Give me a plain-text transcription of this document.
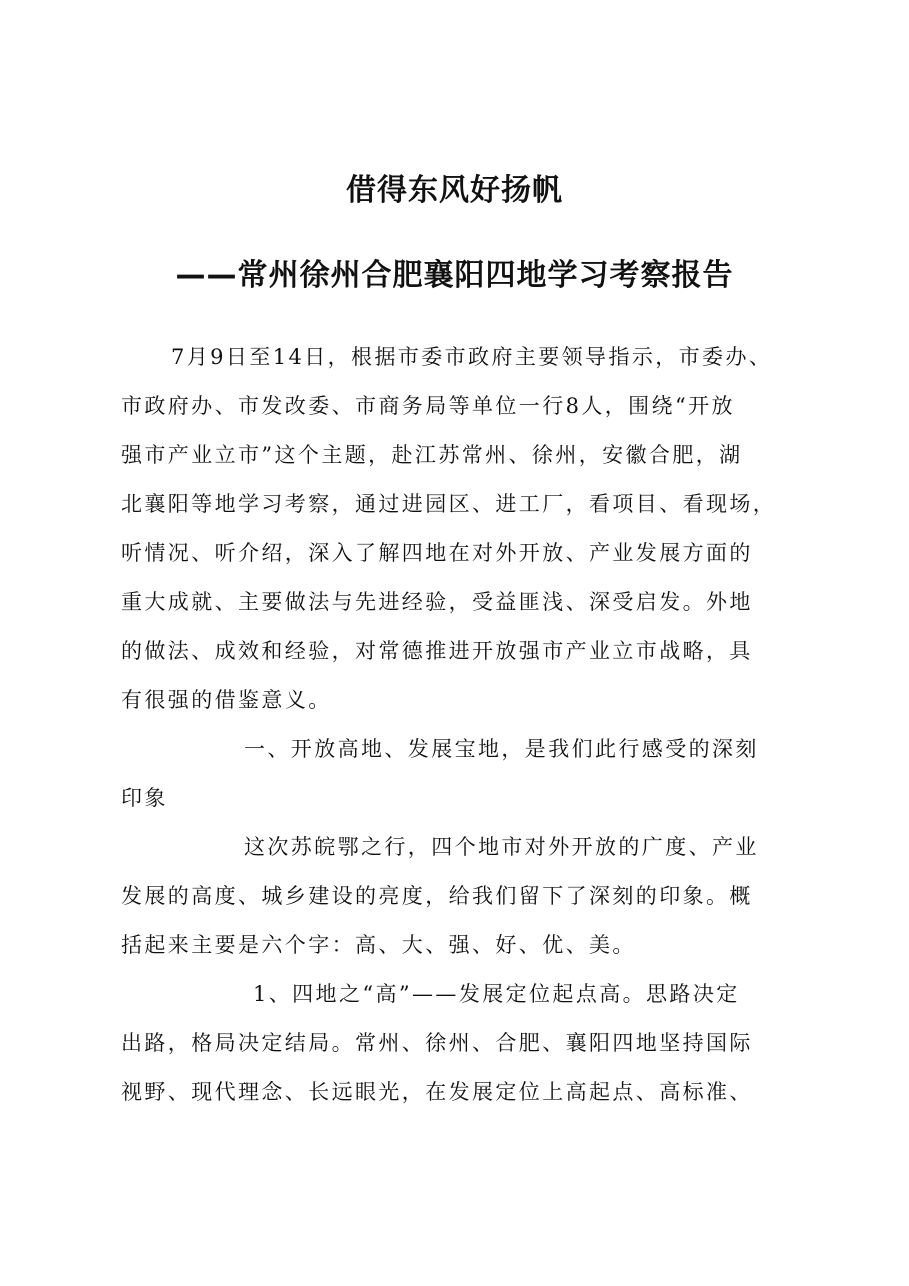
借得东风好扬帆
——常州徐州合肥襄阳四地学习考察报告
7月9日至14日，根据市委市政府主要领导指示，市委办、
市政府办、市发改委、市商务局等单位一行8人，围绕“开放
强市产业立市”这个主题，赴江苏常州、徐州，安徽合肥，湖
北襄阳等地学习考察，通过进园区、进工厂，看项目、看现场，
听情况、听介绍，深入了解四地在对外开放、产业发展方面的
重大成就、主要做法与先进经验，受益匪浅、深受启发。外地
的做法、成效和经验，对常德推进开放强市产业立市战略，具
有很强的借鉴意义。
一、开放高地、发展宝地，是我们此行感受的深刻
印象
这次苏皖鄂之行，四个地市对外开放的广度、产业
发展的高度、城乡建设的亮度，给我们留下了深刻的印象。概
括起来主要是六个字：高、大、强、好、优、美。
1、四地之“高”——发展定位起点高。思路决定
出路，格局决定结局。常州、徐州、合肥、襄阳四地坚持国际
视野、现代理念、长远眼光，在发展定位上高起点、高标准、
